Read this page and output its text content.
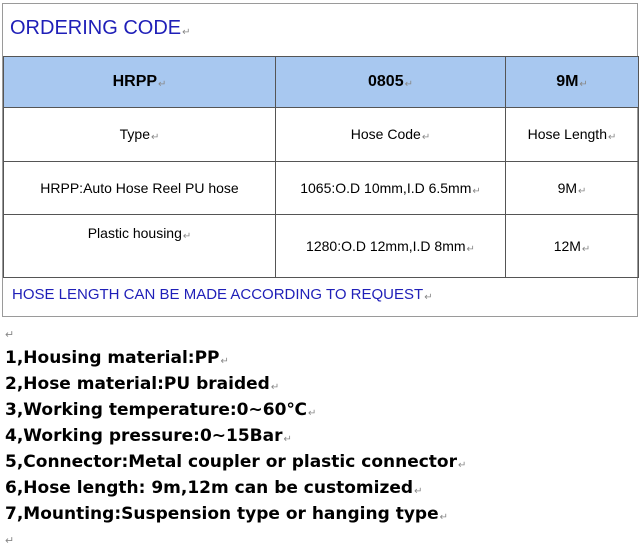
ORDERING CODE↵
HRPP↵	0805↵	9M↵
Type↵	Hose Code↵	Hose Length↵
HRPP:Auto Hose Reel PU hose	1065:O.D 10mm,I.D 6.5mm↵	9M↵
Plastic housing↵	1280:O.D 12mm,I.D 8mm↵	12M↵
HOSE LENGTH CAN BE MADE ACCORDING TO REQUEST↵
↵
1,Housing material:PP↵
2,Hose material:PU braided↵
3,Working temperature:0~60℃↵
4,Working pressure:0~15Bar↵
5,Connector:Metal coupler or plastic connector↵
6,Hose length: 9m,12m can be customized↵
7,Mounting:Suspension type or hanging type↵
↵
